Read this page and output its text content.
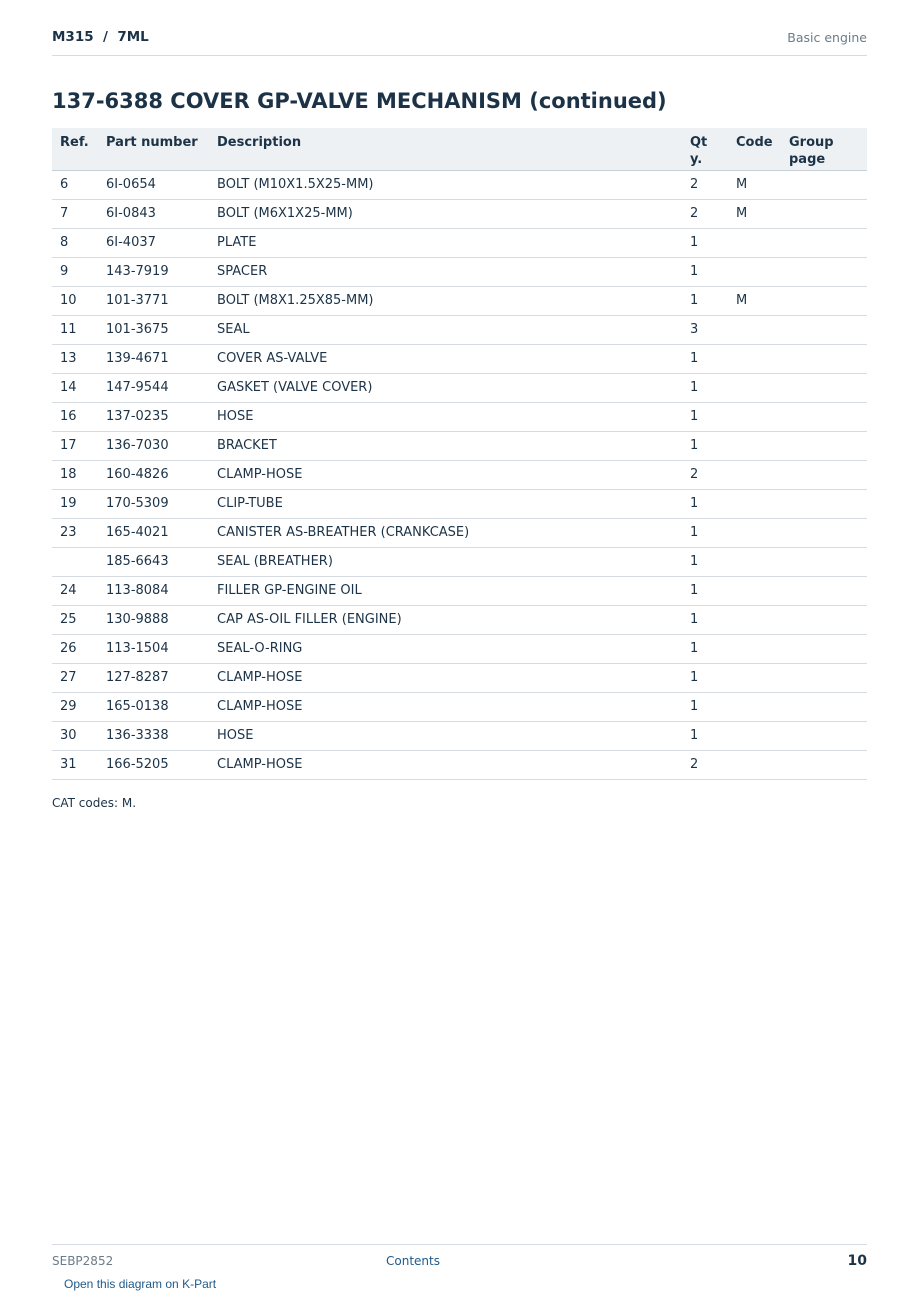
M315  /  7ML	Basic engine
137-6388 COVER GP-VALVE MECHANISM (continued)
Ref.	Part number	Description	Qty.	Code	Group page
6	6I-0654	BOLT (M10X1.5X25-MM)	2	M	
7	6I-0843	BOLT (M6X1X25-MM)	2	M	
8	6I-4037	PLATE	1		
9	143-7919	SPACER	1		
10	101-3771	BOLT (M8X1.25X85-MM)	1	M	
11	101-3675	SEAL	3		
13	139-4671	COVER AS-VALVE	1		
14	147-9544	GASKET (VALVE COVER)	1		
16	137-0235	HOSE	1		
17	136-7030	BRACKET	1		
18	160-4826	CLAMP-HOSE	2		
19	170-5309	CLIP-TUBE	1		
23	165-4021	CANISTER AS-BREATHER (CRANKCASE)	1		
	185-6643	SEAL (BREATHER)	1		
24	113-8084	FILLER GP-ENGINE OIL	1		
25	130-9888	CAP AS-OIL FILLER (ENGINE)	1		
26	113-1504	SEAL-O-RING	1		
27	127-8287	CLAMP-HOSE	1		
29	165-0138	CLAMP-HOSE	1		
30	136-3338	HOSE	1		
31	166-5205	CLAMP-HOSE	2		
CAT codes: M.
SEBP2852	Contents	10
Open this diagram on K-Part
